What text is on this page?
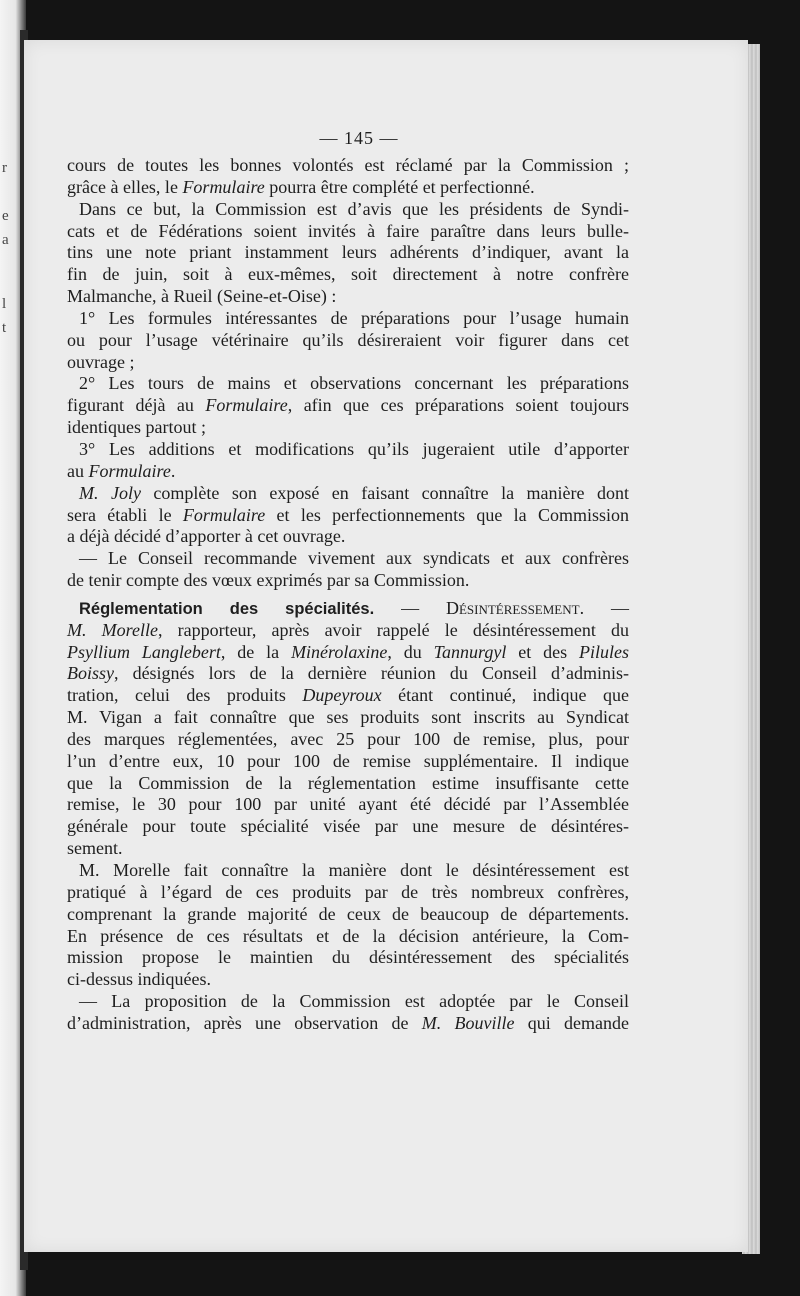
r
e
a
l
t
— 145 —
cours de toutes les bonnes volontés est réclamé par la Commission ;
grâce à elles, le Formulaire pourra être complété et perfectionné.
Dans ce but, la Commission est d’avis que les présidents de Syndi-
cats et de Fédérations soient invités à faire paraître dans leurs bulle-
tins une note priant instamment leurs adhérents d’indiquer, avant la
fin de juin, soit à eux-mêmes, soit directement à notre confrère
Malmanche, à Rueil (Seine-et-Oise) :
1° Les formules intéressantes de préparations pour l’usage humain
ou pour l’usage vétérinaire qu’ils désireraient voir figurer dans cet
ouvrage ;
2° Les tours de mains et observations concernant les préparations
figurant déjà au Formulaire, afin que ces préparations soient toujours
identiques partout ;
3° Les additions et modifications qu’ils jugeraient utile d’apporter
au Formulaire.
M. Joly complète son exposé en faisant connaître la manière dont
sera établi le Formulaire et les perfectionnements que la Commission
a déjà décidé d’apporter à cet ouvrage.
— Le Conseil recommande vivement aux syndicats et aux confrères
de tenir compte des vœux exprimés par sa Commission.
Réglementation des spécialités. — Désintéressement. —
M. Morelle, rapporteur, après avoir rappelé le désintéressement du
Psyllium Langlebert, de la Minérolaxine, du Tannurgyl et des Pilules
Boissy, désignés lors de la dernière réunion du Conseil d’adminis-
tration, celui des produits Dupeyroux étant continué, indique que
M. Vigan a fait connaître que ses produits sont inscrits au Syndicat
des marques réglementées, avec 25 pour 100 de remise, plus, pour
l’un d’entre eux, 10 pour 100 de remise supplémentaire. Il indique
que la Commission de la réglementation estime insuffisante cette
remise, le 30 pour 100 par unité ayant été décidé par l’Assemblée
générale pour toute spécialité visée par une mesure de désintéres-
sement.
M. Morelle fait connaître la manière dont le désintéressement est
pratiqué à l’égard de ces produits par de très nombreux confrères,
comprenant la grande majorité de ceux de beaucoup de départements.
En présence de ces résultats et de la décision antérieure, la Com-
mission propose le maintien du désintéressement des spécialités
ci-dessus indiquées.
— La proposition de la Commission est adoptée par le Conseil
d’administration, après une observation de M. Bouville qui demande
